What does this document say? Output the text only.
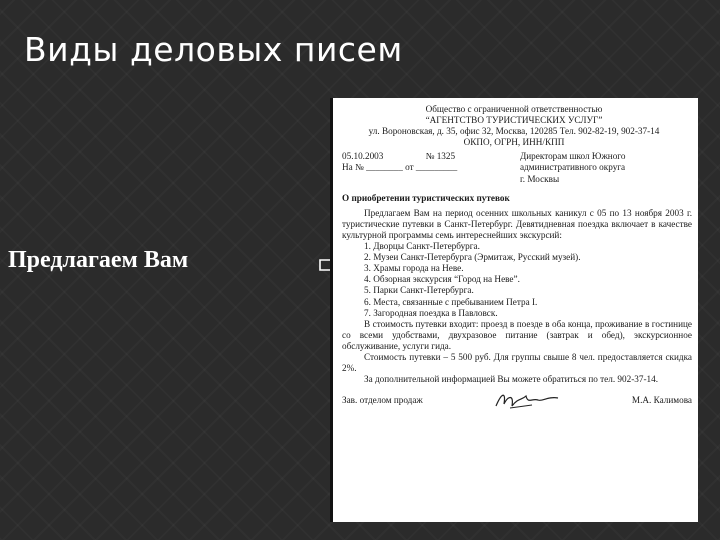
Виды деловых писем
Предлагаем Вам
Общество с ограниченной ответственностью
“АГЕНТСТВО ТУРИСТИЧЕСКИХ УСЛУГ”
ул. Вороновская, д. 35, офис 32, Москва, 120285 Тел. 902-82-19, 902-37-14
ОКПО, ОГРН, ИНН/КПП
05.10.2003	№ 1325
На № ________ от _________
Директорам школ Южного
административного округа
г. Москвы
О приобретении туристических путевок
Предлагаем Вам на период осенних школьных каникул с 05 по 13 ноября 2003 г. туристические путевки в Санкт-Петербург. Девятидневная поездка включает в качестве культурной программы семь интереснейших экскурсий:
1. Дворцы Санкт-Петербурга.
2. Музеи Санкт-Петербурга (Эрмитаж, Русский музей).
3. Храмы города на Неве.
4. Обзорная экскурсия “Город на Неве”.
5. Парки Санкт-Петербурга.
6. Места, связанные с пребыванием Петра I.
7. Загородная поездка в Павловск.
В стоимость путевки входит: проезд в поезде в оба конца, проживание в гостинице со всеми удобствами, двухразовое питание (завтрак и обед), экскурсионное обслуживание, услуги гида.
Стоимость путевки – 5 500 руб. Для группы свыше 8 чел. предоставляется скидка 2%.
За дополнительной информацией Вы можете обратиться по тел. 902-37-14.
Зав. отделом продаж	М.А. Калимова
